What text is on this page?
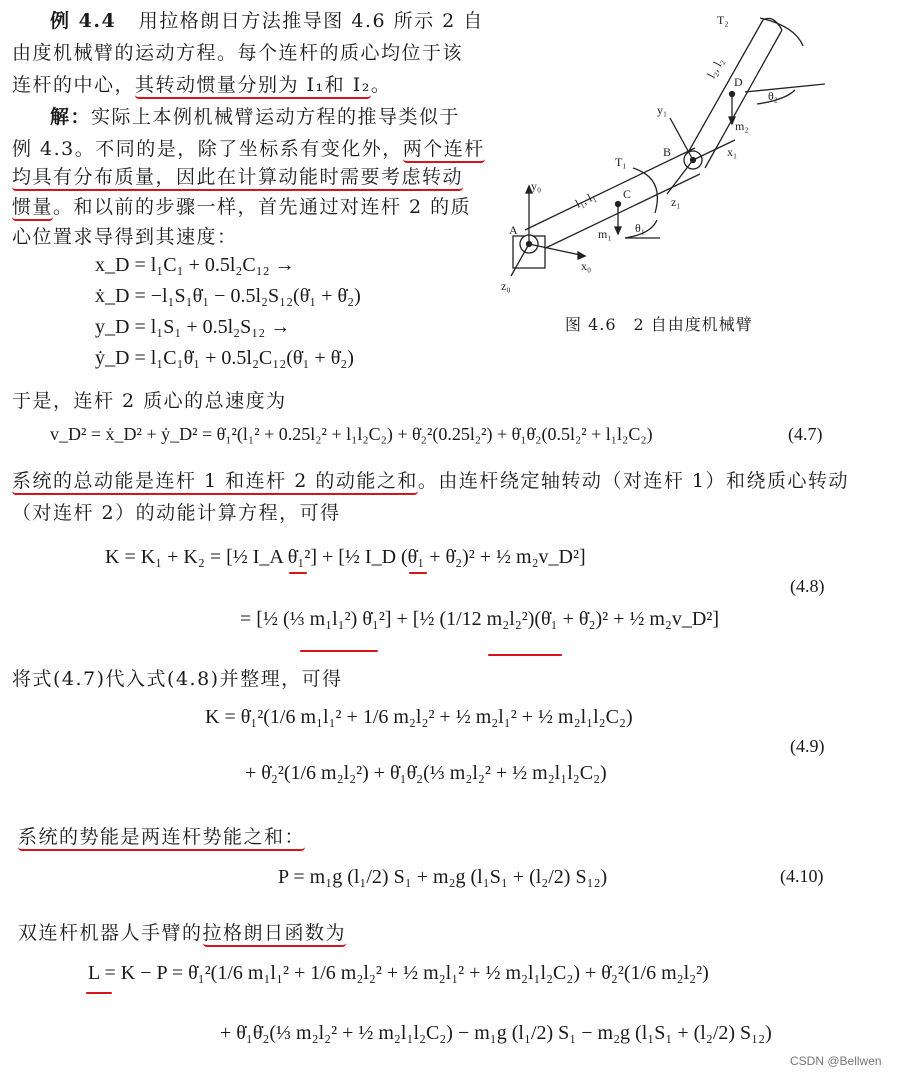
例 4.4 用拉格朗日方法推导图 4.6 所示 2 自
由度机械臂的运动方程。每个连杆的质心均位于该
连杆的中心，其转动惯量分别为 I₁和 I₂。
解：实际上本例机械臂运动方程的推导类似于
例 4.3。不同的是，除了坐标系有变化外，两个连杆
均具有分布质量，因此在计算动能时需要考虑转动
惯量。和以前的步骤一样，首先通过对连杆 2 的质
心位置求导得到其速度：
x_D = l₁C₁ + 0.5l₂C₁₂ →
ẋ_D = −l₁S₁θ̇₁ − 0.5l₂S₁₂(θ̇₁ + θ̇₂)
y_D = l₁S₁ + 0.5l₂S₁₂ →
ẏ_D = l₁C₁θ̇₁ + 0.5l₂C₁₂(θ̇₁ + θ̇₂)
T₂
l₂, l₂
D
θ₂
y₁
m₂
B	x₁
T₁
y₀
l₁, l₁ C
z₁
A	m₁ θ₁
x₀
z₀
图 4.6　2 自由度机械臂
于是，连杆 2 质心的总速度为
v_D² = ẋ_D² + ẏ_D² = θ̇₁²(l₁² + 0.25l₂² + l₁l₂C₂) + θ̇₂²(0.25l₂²) + θ̇₁θ̇₂(0.5l₂² + l₁l₂C₂)	(4.7)
系统的总动能是连杆 1 和连杆 2 的动能之和。由连杆绕定轴转动（对连杆 1）和绕质心转动
（对连杆 2）的动能计算方程，可得
K = K₁ + K₂ = [½ I_A θ̇₁²] + [½ I_D (θ̇₁ + θ̇₂)² + ½ m₂v_D²]
= [½ (⅓ m₁l₁²) θ̇₁²] + [½ (1/12 m₂l₂²)(θ̇₁ + θ̇₂)² + ½ m₂v_D²]
(4.8)
将式(4.7)代入式(4.8)并整理，可得
K = θ̇₁²(1/6 m₁l₁² + 1/6 m₂l₂² + ½ m₂l₁² + ½ m₂l₁l₂C₂)
+ θ̇₂²(1/6 m₂l₂²) + θ̇₁θ̇₂(⅓ m₂l₂² + ½ m₂l₁l₂C₂)
(4.9)
系统的势能是两连杆势能之和：
P = m₁g (l₁/2) S₁ + m₂g (l₁S₁ + (l₂/2) S₁₂)	(4.10)
双连杆机器人手臂的拉格朗日函数为
L = K − P = θ̇₁²(1/6 m₁l₁² + 1/6 m₂l₂² + ½ m₂l₁² + ½ m₂l₁l₂C₂) + θ̇₂²(1/6 m₂l₂²)
+ θ̇₁θ̇₂(⅓ m₂l₂² + ½ m₂l₁l₂C₂) − m₁g (l₁/2) S₁ − m₂g (l₁S₁ + (l₂/2) S₁₂)
CSDN @Bellwen
